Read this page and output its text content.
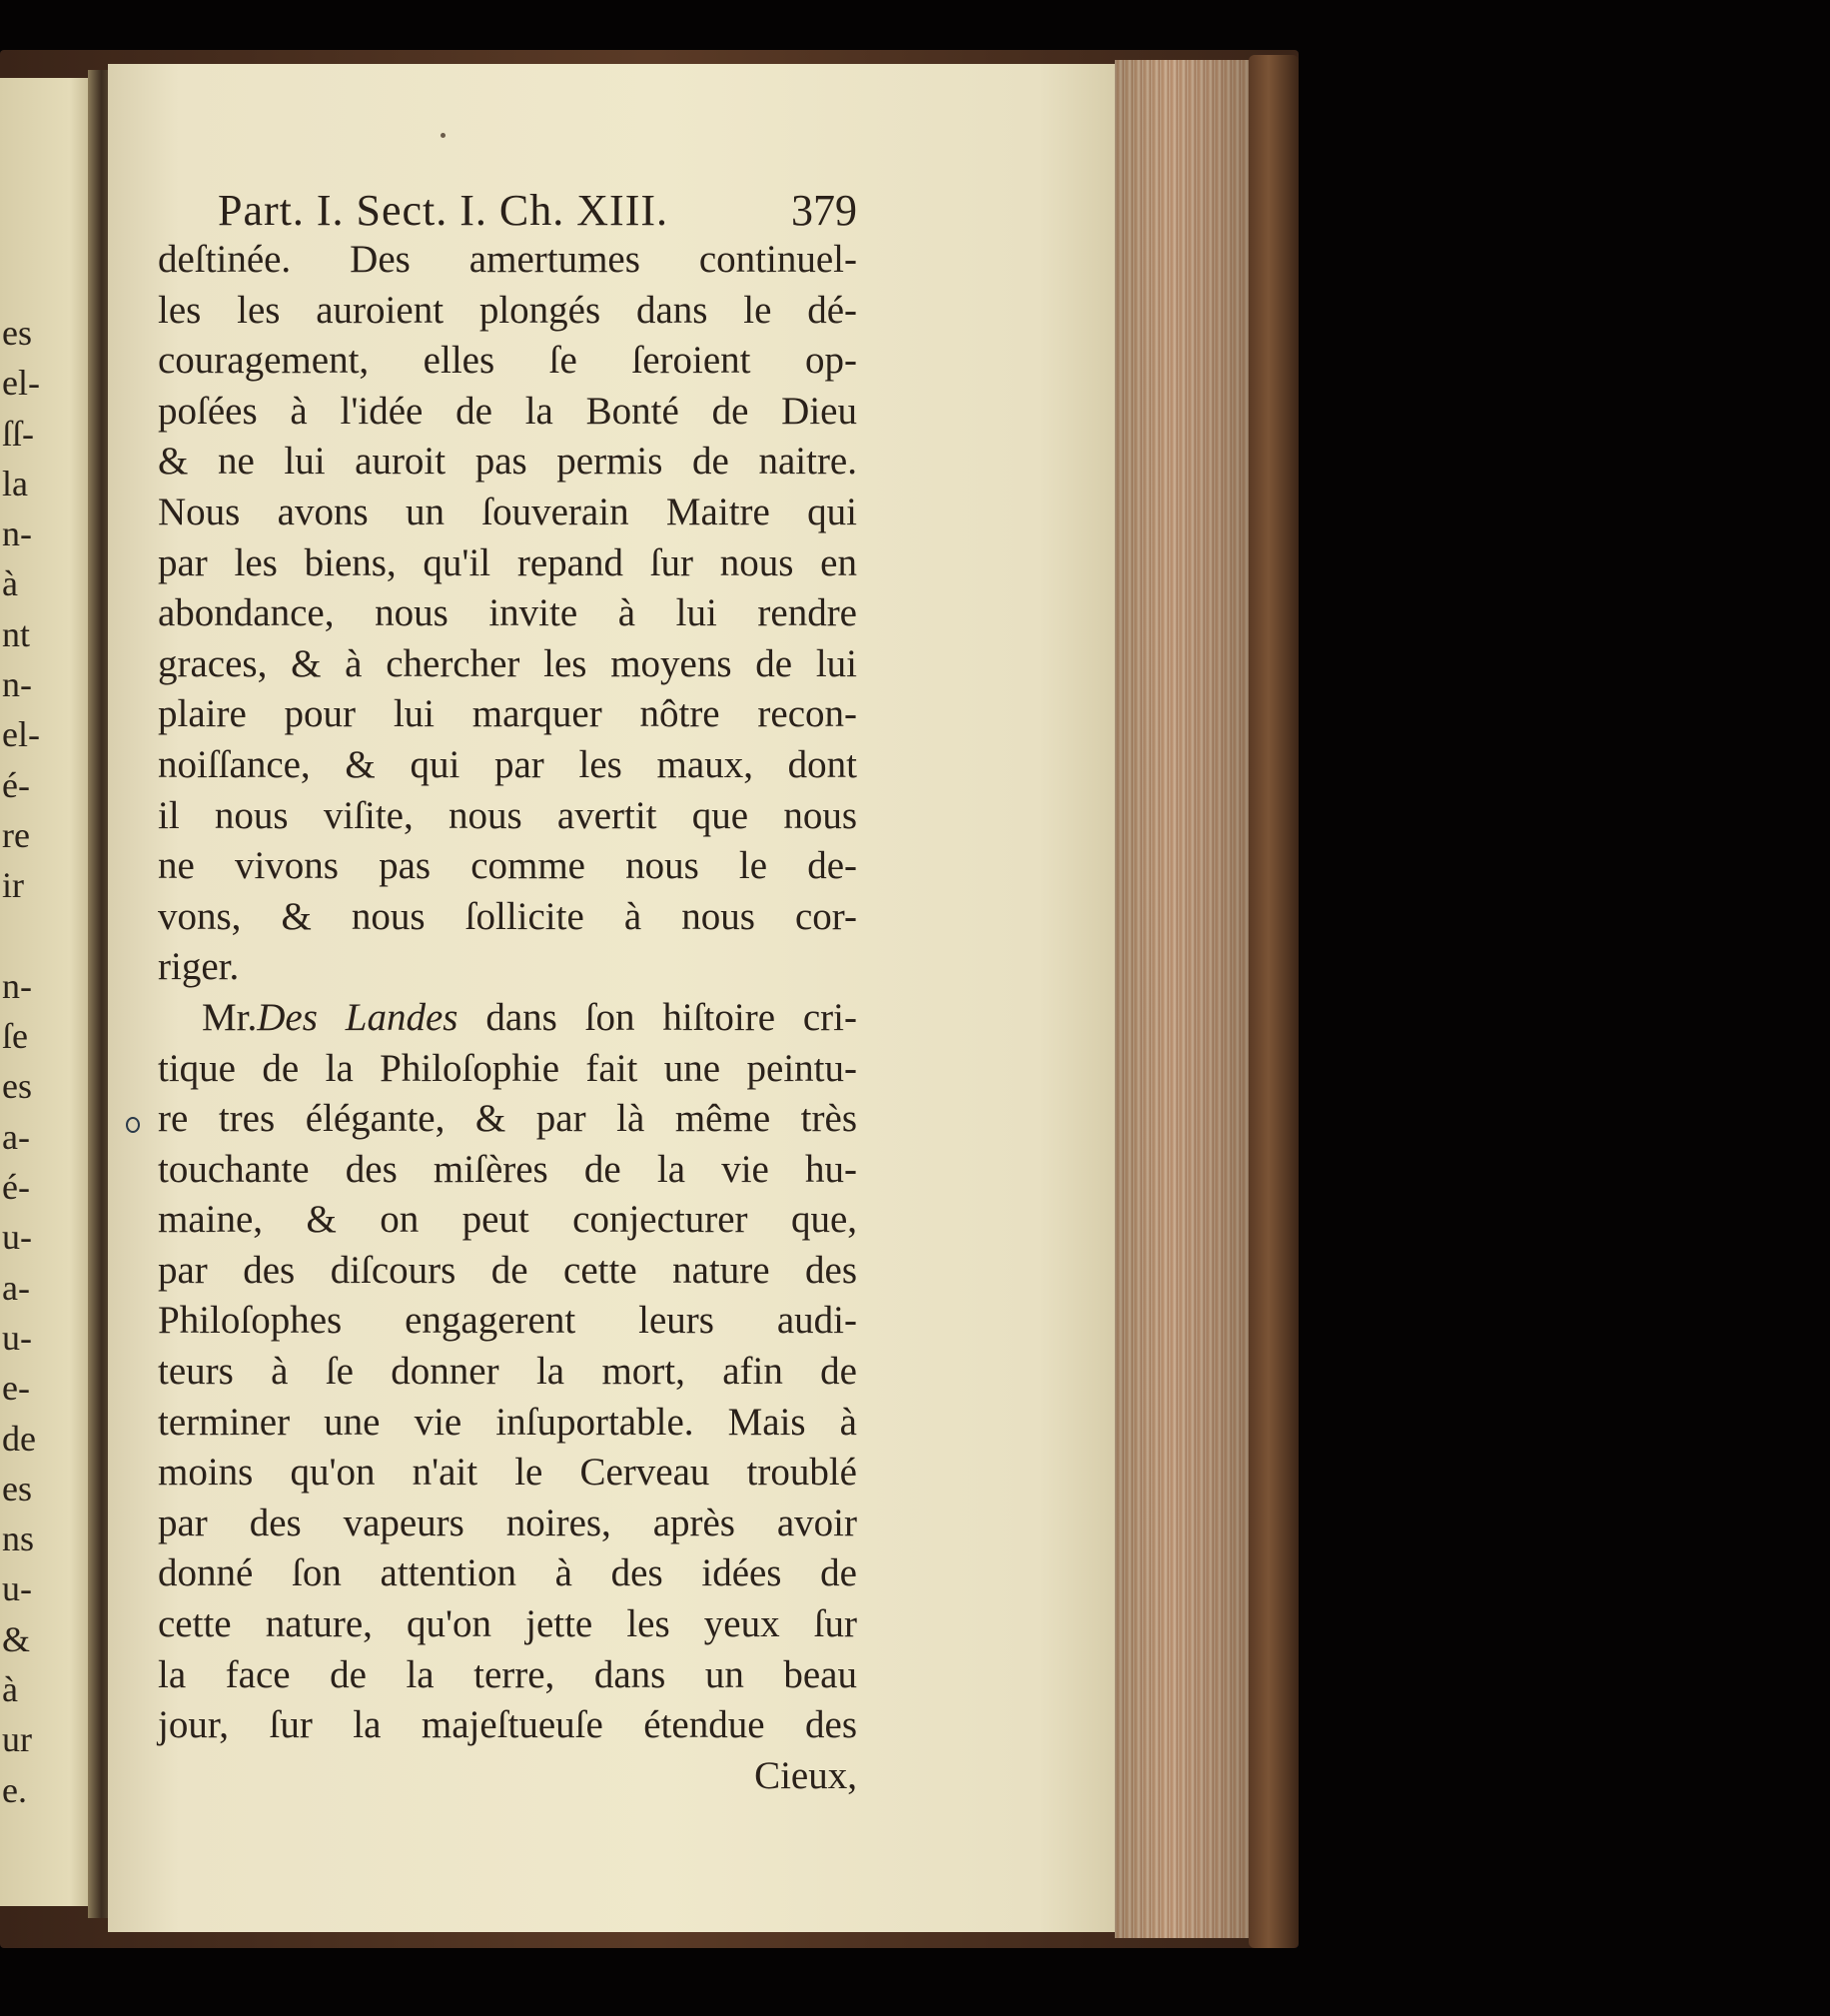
es
el-
ſſ-
la
n-
à
nt
n-
el-
é-
re
ir
n-
ſe
es
a-
é-
u-
a-
u-
e-
de
es
ns
u-
&
à
ur
e.
Part. I. Sect. I. Ch. XIII.	379
deſtinée. Des amertumes continuel-
les les auroient plongés dans le dé-
couragement, elles ſe ſeroient op-
poſées à l'idée de la Bonté de Dieu
& ne lui auroit pas permis de naitre.
Nous avons un ſouverain Maitre qui
par les biens, qu'il repand ſur nous en
abondance, nous invite à lui rendre
graces, & à chercher les moyens de lui
plaire pour lui marquer nôtre recon-
noiſſance, & qui par les maux, dont
il nous viſite, nous avertit que nous
ne vivons pas comme nous le de-
vons, & nous ſollicite à nous cor-
riger.
Mr.Des Landes dans ſon hiſtoire cri-
tique de la Philoſophie fait une peintu-
re tres élégante, & par là même très
touchante des miſères de la vie hu-
maine, & on peut conjecturer que,
par des diſcours de cette nature des
Philoſophes engagerent leurs audi-
teurs à ſe donner la mort, afin de
terminer une vie inſuportable. Mais à
moins qu'on n'ait le Cerveau troublé
par des vapeurs noires, après avoir
donné ſon attention à des idées de
cette nature, qu'on jette les yeux ſur
la face de la terre, dans un beau
jour, ſur la majeſtueuſe étendue des
Cieux,
